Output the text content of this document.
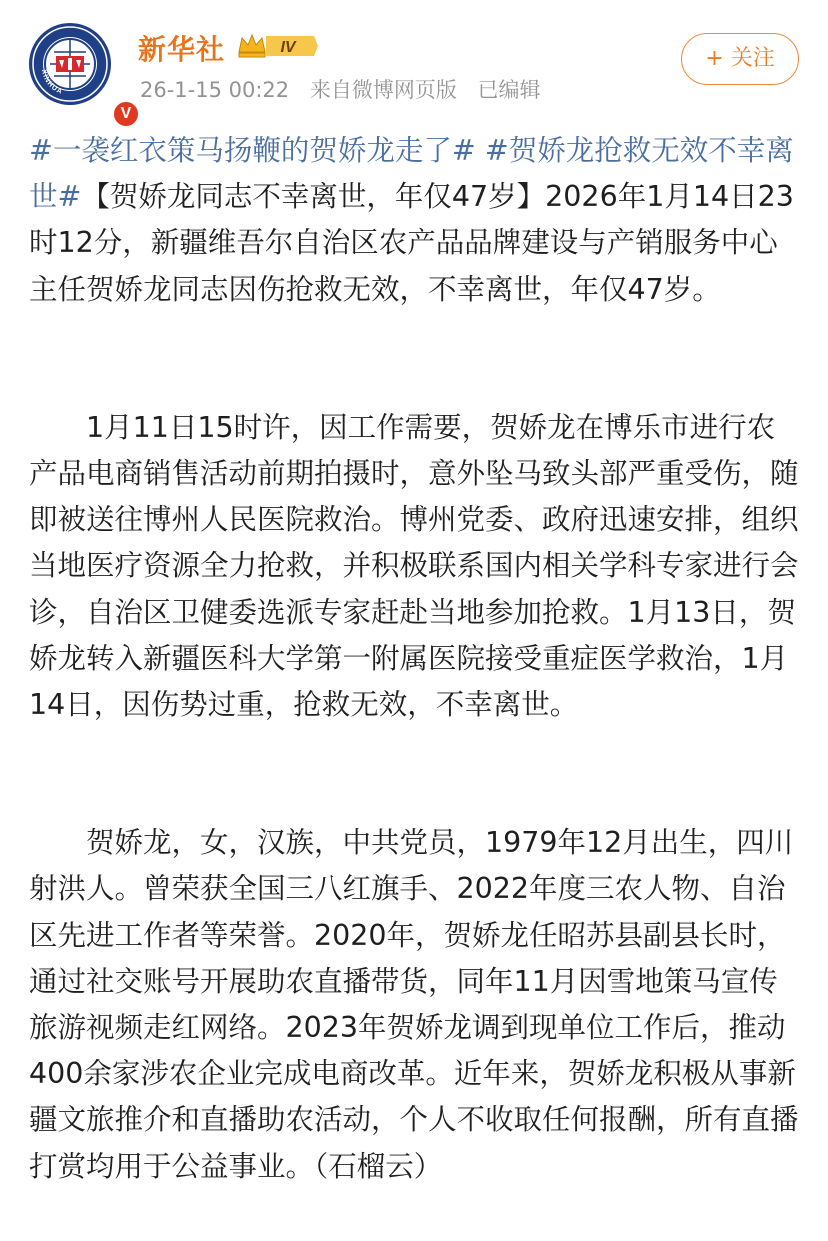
XINHUA
V
新华社	IV
26-1-15 00:22 来自微博网页版 已编辑
+ 关注

#一袭红衣策马扬鞭的贺娇龙走了# #贺娇龙抢救无效不幸离世#【贺娇龙同志不幸离世，年仅47岁】2026年1月14日23时12分，新疆维吾尔自治区农产品品牌建设与产销服务中心主任贺娇龙同志因伤抢救无效，不幸离世，年仅47岁。

1月11日15时许，因工作需要，贺娇龙在博乐市进行农产品电商销售活动前期拍摄时，意外坠马致头部严重受伤，随即被送往博州人民医院救治。博州党委、政府迅速安排，组织当地医疗资源全力抢救，并积极联系国内相关学科专家进行会诊，自治区卫健委选派专家赶赴当地参加抢救。1月13日，贺娇龙转入新疆医科大学第一附属医院接受重症医学救治，1月14日，因伤势过重，抢救无效，不幸离世。

贺娇龙，女，汉族，中共党员，1979年12月出生，四川射洪人。曾荣获全国三八红旗手、2022年度三农人物、自治区先进工作者等荣誉。2020年，贺娇龙任昭苏县副县长时，通过社交账号开展助农直播带货，同年11月因雪地策马宣传旅游视频走红网络。2023年贺娇龙调到现单位工作后，推动400余家涉农企业完成电商改革。近年来，贺娇龙积极从事新疆文旅推介和直播助农活动，个人不收取任何报酬，所有直播打赏均用于公益事业。（石榴云）
